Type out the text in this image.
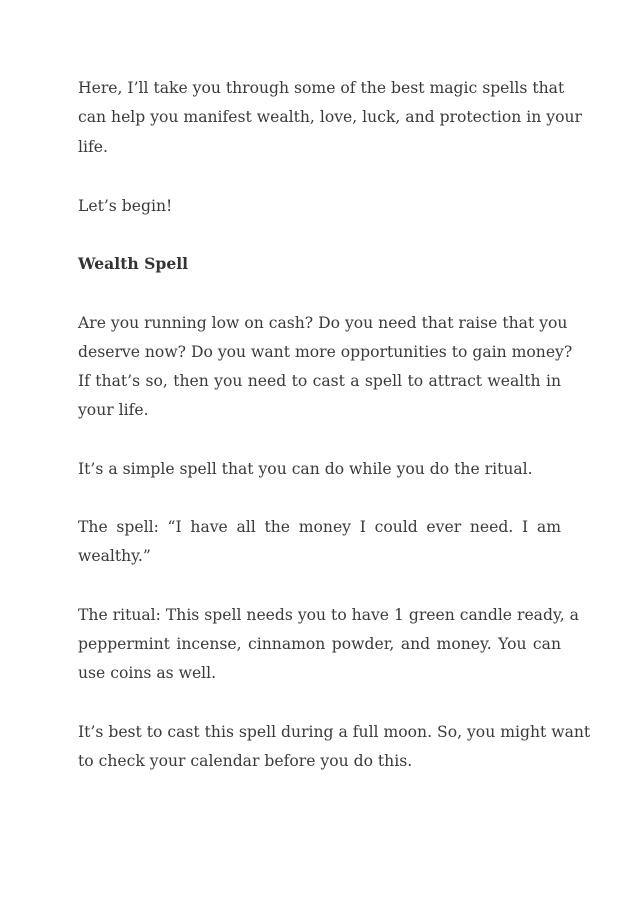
Here, I’ll take you through some of the best magic spells that

can help you manifest wealth, love, luck, and protection in your

life.

Let’s begin!

Wealth Spell

Are you running low on cash? Do you need that raise that you

deserve now? Do you want more opportunities to gain money?

If that’s so, then you need to cast a spell to attract wealth in

your life.

It’s a simple spell that you can do while you do the ritual.

The spell: “I have all the money I could ever need. I am

wealthy.”

The ritual: This spell needs you to have 1 green candle ready, a

peppermint incense, cinnamon powder, and money. You can

use coins as well.

It’s best to cast this spell during a full moon. So, you might want

to check your calendar before you do this.
